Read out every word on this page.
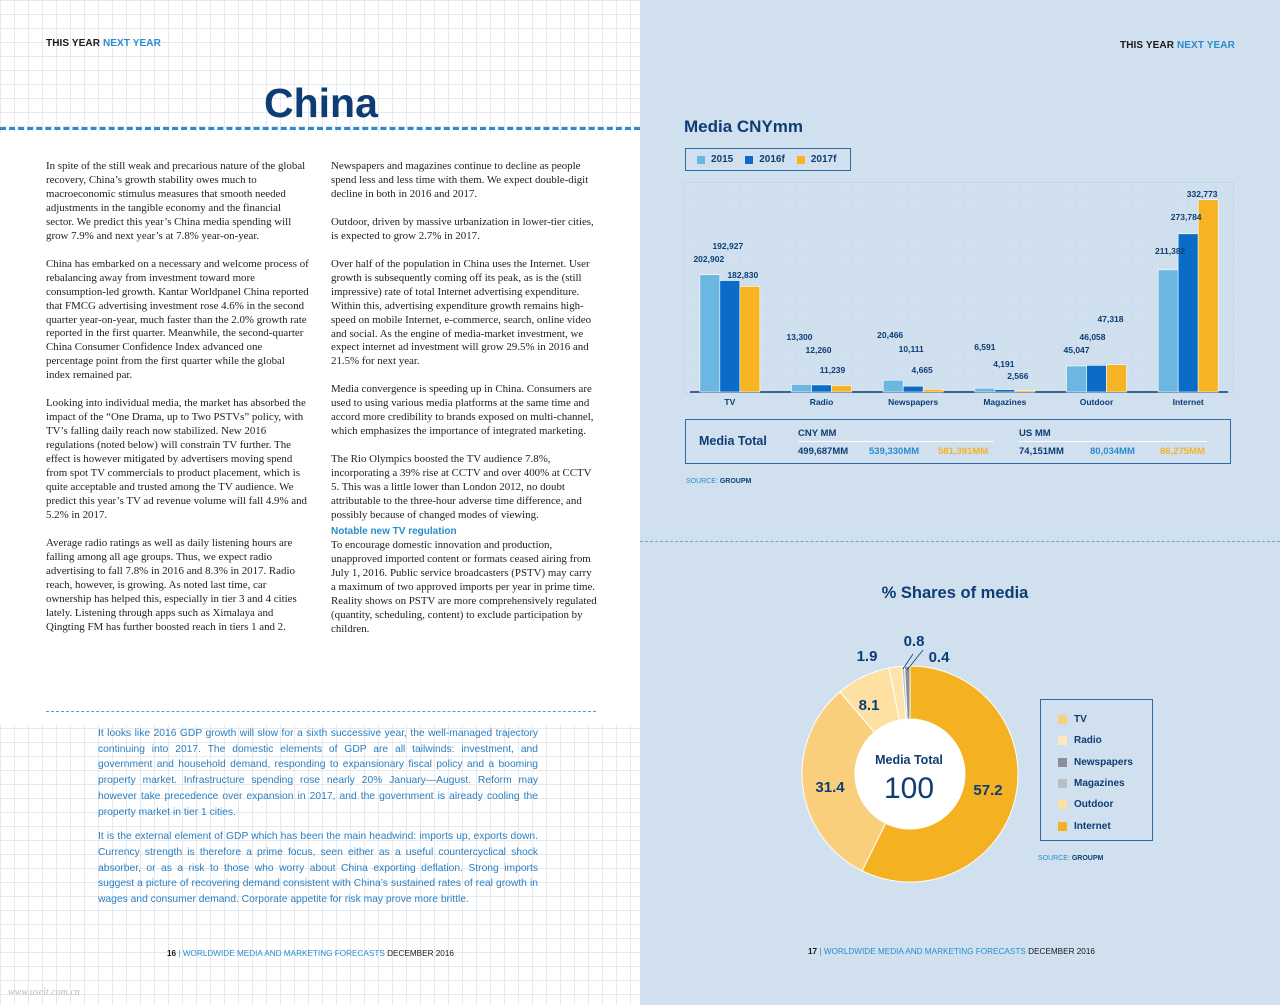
THIS YEAR NEXT YEAR
China

In spite of the still weak and precarious nature of the global recovery, China’s growth stability owes much to macroeconomic stimulus measures that smooth needed adjustments in the tangible economy and the financial sector. We predict this year’s China media spending will grow 7.9% and next year’s at 7.8% year-on-year.

China has embarked on a necessary and welcome process of rebalancing away from investment toward more consumption-led growth. Kantar Worldpanel China reported that FMCG advertising investment rose 4.6% in the second quarter year-on-year, much faster than the 2.0% growth rate reported in the first quarter. Meanwhile, the second-quarter China Consumer Confidence Index advanced one percentage point from the first quarter while the global index remained par.

Looking into individual media, the market has absorbed the impact of the “One Drama, up to Two PSTVs” policy, with TV’s falling daily reach now stabilized. New 2016 regulations (noted below) will constrain TV further. The effect is however mitigated by advertisers moving spend from spot TV commercials to product placement, which is quite acceptable and trusted among the TV audience. We predict this year’s TV ad revenue volume will fall 4.9% and 5.2% in 2017.

Average radio ratings as well as daily listening hours are falling among all age groups. Thus, we expect radio advertising to fall 7.8% in 2016 and 8.3% in 2017. Radio reach, however, is growing. As noted last time, car ownership has helped this, especially in tier 3 and 4 cities lately. Listening through apps such as Ximalaya and Qingting FM has further boosted reach in tiers 1 and 2.

Newspapers and magazines continue to decline as people spend less and less time with them. We expect double-digit decline in both in 2016 and 2017.

Outdoor, driven by massive urbanization in lower-tier cities, is expected to grow 2.7% in 2017.

Over half of the population in China uses the Internet. User growth is subsequently coming off its peak, as is the (still impressive) rate of total Internet advertising expenditure. Within this, advertising expenditure growth remains high-speed on mobile Internet, e-commerce, search, online video and social. As the engine of media-market investment, we expect internet ad investment will grow 29.5% in 2016 and 21.5% for next year.

Media convergence is speeding up in China. Consumers are used to using various media platforms at the same time and accord more credibility to brands exposed on multi-channel, which emphasizes the importance of integrated marketing.

The Rio Olympics boosted the TV audience 7.8%, incorporating a 39% rise at CCTV and over 400% at CCTV 5. This was a little lower than London 2012, no doubt attributable to the three-hour adverse time difference, and possibly because of changed modes of viewing.

Notable new TV regulation

To encourage domestic innovation and production, unapproved imported content or formats ceased airing from July 1, 2016. Public service broadcasters (PSTV) may carry a maximum of two approved imports per year in prime time. Reality shows on PSTV are more comprehensively regulated (quantity, scheduling, content) to exclude participation by children.

It looks like 2016 GDP growth will slow for a sixth successive year, the well-managed trajectory continuing into 2017. The domestic elements of GDP are all tailwinds: investment, and government and household demand, responding to expansionary fiscal policy and a booming property market. Infrastructure spending rose nearly 20% January—August. Reform may however take precedence over expansion in 2017, and the government is already cooling the property market in tier 1 cities.

It is the external element of GDP which has been the main headwind: imports up, exports down. Currency strength is therefore a prime focus, seen either as a useful countercyclical shock absorber, or as a risk to those who worry about China exporting deflation. Strong imports suggest a picture of recovering demand consistent with China’s sustained rates of real growth in wages and consumer demand. Corporate appetite for risk may prove more brittle.

16 | WORLDWIDE MEDIA AND MARKETING FORECASTS DECEMBER 2016
www.useit.com.cn
THIS YEAR NEXT YEAR
Media CNYmm
2015	2016f	2017f
TV	Radio	Newspapers	Magazines	Outdoor	Internet
202,902
192,927
182,830
13,300
12,260
11,239
20,466
10,111
4,665
6,591
4,191
2,566
45,047
46,058
47,318
211,382
273,784
332,773
Media Total
CNY MM	US MM
499,687MM 539,330MM 581,391MM	74,151MM	80,034MM	86,275MM
SOURCE: GROUPM
% Shares of media
Media Total
100	57.2
31.4
8.1
1.9
0.8
0.4
TV
Radio
Newspapers
Magazines
Outdoor
Internet
SOURCE: GROUPM
17 | WORLDWIDE MEDIA AND MARKETING FORECASTS DECEMBER 2016
